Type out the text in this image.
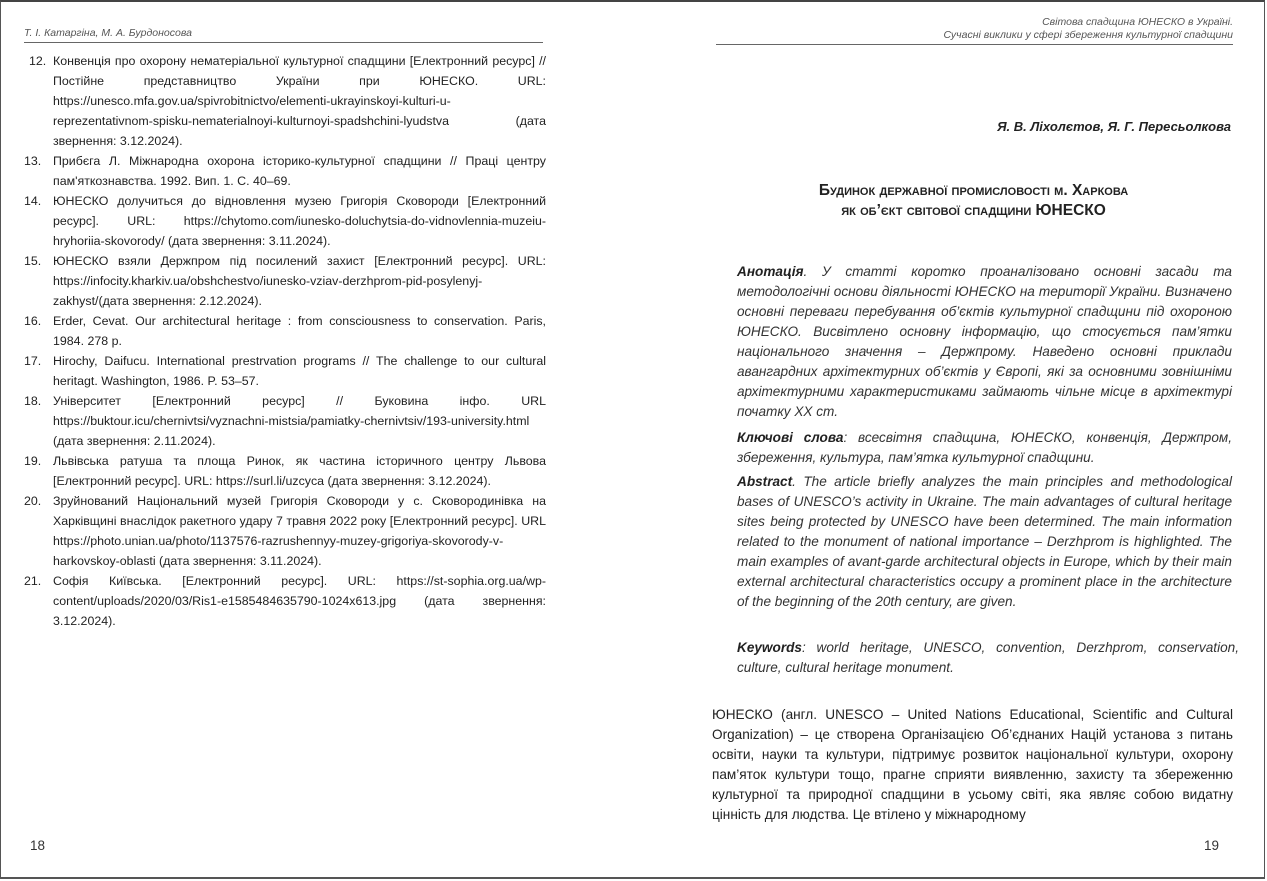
Т. І. Катаргіна, М. А. Бурдоносова
12. Конвенція про охорону нематеріальної культурної спадщини [Електронний ресурс] // Постійне представництво України при ЮНЕСКО. URL: https://unesco.mfa.gov.ua/spivrobitnictvo/elementi-ukrayinskoyi-kulturi-u-reprezentativnom-spisku-nematerialnoyi-kulturnoyi-spadshchini-lyudstva (дата звернення: 3.12.2024).
13. Прибєга Л. Міжнародна охорона історико-культурної спадщини // Праці центру пам'яткознавства. 1992. Вип. 1. С. 40–69.
14. ЮНЕСКО долучиться до відновлення музею Григорія Сковороди [Електронний ресурс]. URL: https://chytomo.com/iunesko-doluchytsia-do-vidnovlennia-muzeiu-hryhoriia-skovorody/ (дата звернення: 3.11.2024).
15. ЮНЕСКО взяли Держпром під посилений захист [Електронний ресурс]. URL: https://infocity.kharkiv.ua/obshchestvo/iunesko-vziav-derzhprom-pid-posylenyj-zakhyst/(дата звернення: 2.12.2024).
16. Erder, Cevat. Our architectural heritage : from consciousness to conservation. Paris, 1984. 278 p.
17. Hirochy, Daifucu. International prestrvation programs // The challenge to our cultural heritagt. Washington, 1986. P. 53–57.
18. Університет [Електронний ресурс] // Буковина інфо. URL https://buktour.icu/chernivtsi/vyznachni-mistsia/pamiatky-chernivtsiv/193-university.html (дата звернення: 2.11.2024).
19. Львівська ратуша та площа Ринок, як частина історичного центру Львова [Електронний ресурс]. URL: https://surl.li/uzcyca (дата звернення: 3.12.2024).
20. Зруйнований Національний музей Григорія Сковороди у с. Сковородинівка на Харківщині внаслідок ракетного удару 7 травня 2022 року [Електронний ресурс]. URL https://photo.unian.ua/photo/1137576-razrushennyy-muzey-grigoriya-skovorody-v-harkovskoy-oblasti (дата звернення: 3.11.2024).
21. Софія Київська. [Електронний ресурс]. URL: https://st-sophia.org.ua/wp-content/uploads/2020/03/Ris1-e1585484635790-1024x613.jpg (дата звернення: 3.12.2024).
18
Світова спадщина ЮНЕСКО в Україні.
Сучасні виклики у сфері збереження культурної спадщини
Я. В. Ліхолєтов, Я. Г. Пересьолкова
Будинок державної промисловості м. Харкова
як об’єкт світової спадщини ЮНЕСКО
Анотація. У статті коротко проаналізовано основні засади та методологічні основи діяльності ЮНЕСКО на території України. Визначено основні переваги перебування об’єктів культурної спадщини під охороною ЮНЕСКО. Висвітлено основну інформацію, що стосується пам’ятки національного значення – Держпрому. Наведено основні приклади авангардних архітектурних об’єктів у Європі, які за основними зовнішніми архітектурними характеристиками займають чільне місце в архітектурі початку ХХ ст.
Ключові слова: всесвітня спадщина, ЮНЕСКО, конвенція, Держпром, збереження, культура, пам’ятка культурної спадщини.
Abstract. The article briefly analyzes the main principles and methodological bases of UNESCO’s activity in Ukraine. The main advantages of cultural heritage sites being protected by UNESCO have been determined. The main information related to the monument of national importance – Derzhprom is highlighted. The main examples of avant-garde architectural objects in Europe, which by their main external architectural characteristics occupy a prominent place in the architecture of the beginning of the 20th century, are given.
Keywords: world heritage, UNESCO, convention, Derzhprom, conservation, culture, cultural heritage monument.
ЮНЕСКО (англ. UNESCO – United Nations Educational, Scientific and Cultural Organization) – це створена Організацією Об’єднаних Націй установа з питань освіти, науки та культури, підтримує розвиток національної культури, охорону пам’яток культури тощо, прагне сприяти виявленню, захисту та збереженню культурної та природної спадщини в усьому світі, яка являє собою видатну цінність для людства. Це втілено у міжнародному
19
